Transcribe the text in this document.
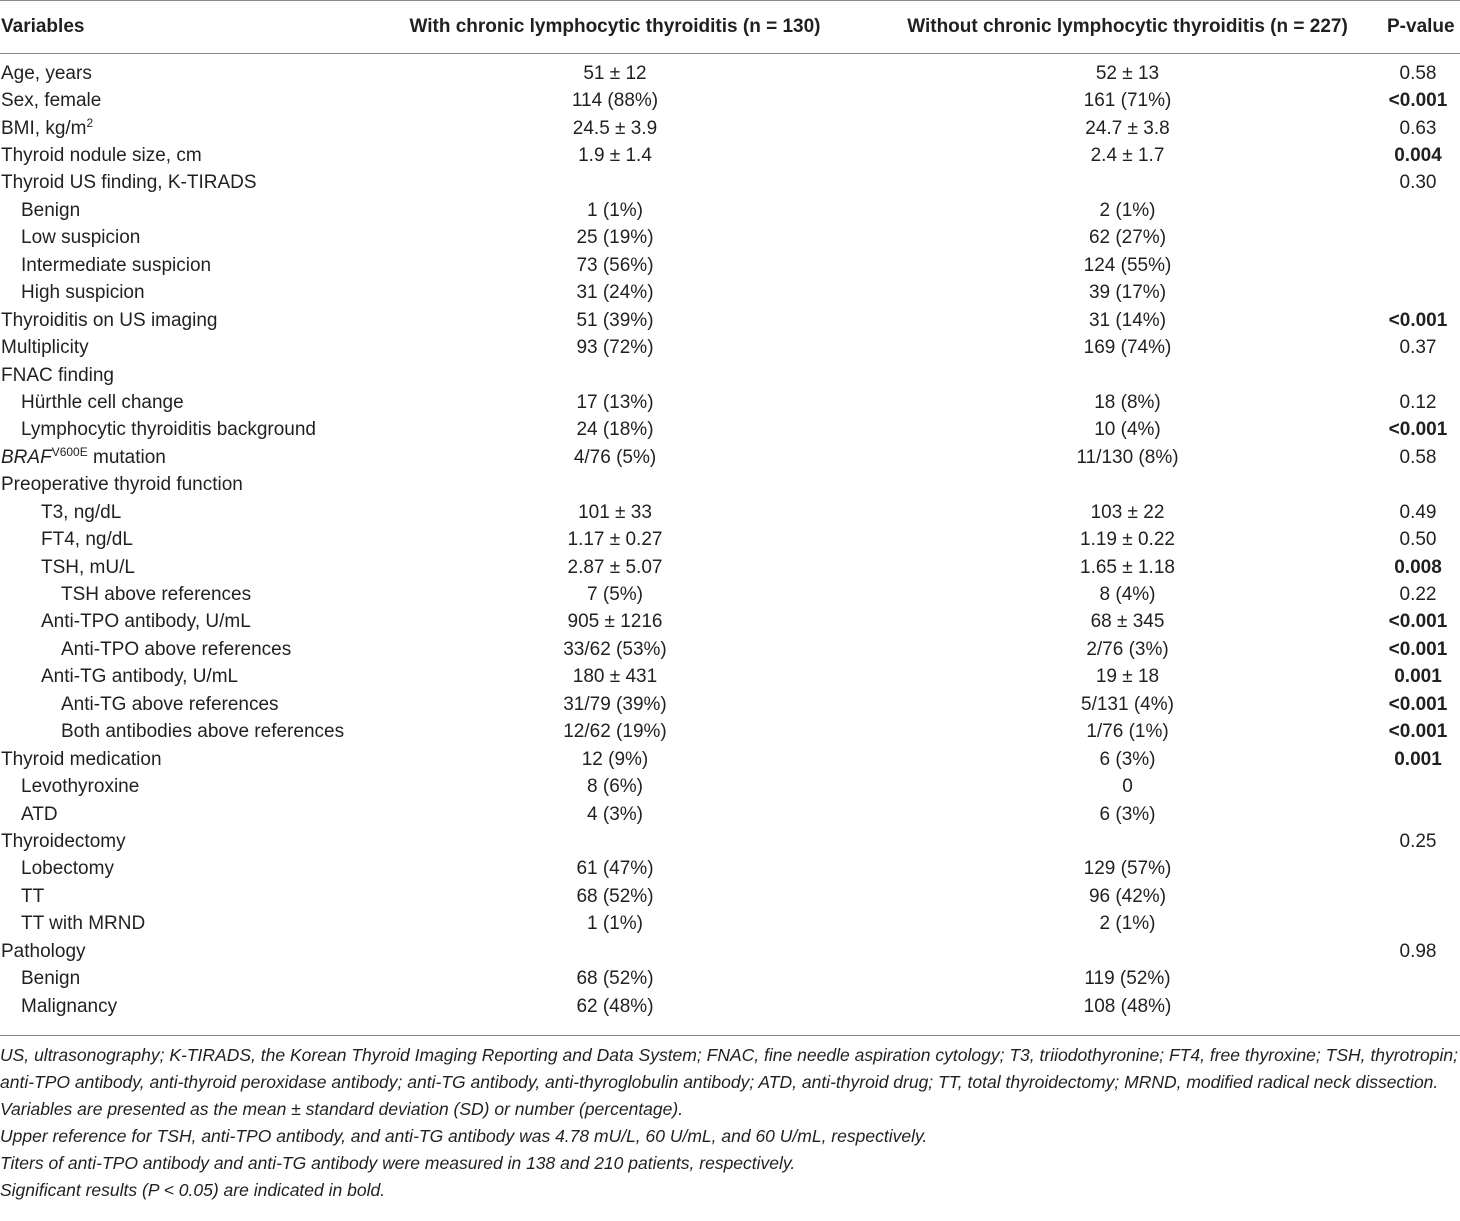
Variables	With chronic lymphocytic thyroiditis (n = 130)	Without chronic lymphocytic thyroiditis (n = 227)	P-value
Age, years	51 ± 12	52 ± 13	0.58
Sex, female	114 (88%)	161 (71%)	<0.001
BMI, $kg/m^2$	24.5 ± 3.9	24.7 ± 3.8	0.63
Thyroid nodule size, cm	1.9 ± 1.4	2.4 ± 1.7	0.004
Thyroid US finding, K-TIRADS			0.30
Benign	1 (1%)	2 (1%)	
Low suspicion	25 (19%)	62 (27%)	
Intermediate suspicion	73 (56%)	124 (55%)	
High suspicion	31 (24%)	39 (17%)	
Thyroiditis on US imaging	51 (39%)	31 (14%)	<0.001
Multiplicity	93 (72%)	169 (74%)	0.37
FNAC finding			
Hürthle cell change	17 (13%)	18 (8%)	0.12
Lymphocytic thyroiditis background	24 (18%)	10 (4%)	<0.001
$BRAF^{V600E}$ mutation	4/76 (5%)	11/130 (8%)	0.58
Preoperative thyroid function			
T3, ng/dL	101 ± 33	103 ± 22	0.49
FT4, ng/dL	1.17 ± 0.27	1.19 ± 0.22	0.50
TSH, mU/L	2.87 ± 5.07	1.65 ± 1.18	0.008
TSH above references	7 (5%)	8 (4%)	0.22
Anti-TPO antibody, U/mL	905 ± 1216	68 ± 345	<0.001
Anti-TPO above references	33/62 (53%)	2/76 (3%)	<0.001
Anti-TG antibody, U/mL	180 ± 431	19 ± 18	0.001
Anti-TG above references	31/79 (39%)	5/131 (4%)	<0.001
Both antibodies above references	12/62 (19%)	1/76 (1%)	<0.001
Thyroid medication	12 (9%)	6 (3%)	0.001
Levothyroxine	8 (6%)	0	
ATD	4 (3%)	6 (3%)	
Thyroidectomy			0.25
Lobectomy	61 (47%)	129 (57%)	
TT	68 (52%)	96 (42%)	
TT with MRND	1 (1%)	2 (1%)	
Pathology			0.98
Benign	68 (52%)	119 (52%)	
Malignancy	62 (48%)	108 (48%)	

US, ultrasonography; K-TIRADS, the Korean Thyroid Imaging Reporting and Data System; FNAC, fine needle aspiration cytology; T3, triiodothyronine; FT4, free thyroxine; TSH, thyrotropin; anti-TPO antibody, anti-thyroid peroxidase antibody; anti-TG antibody, anti-thyroglobulin antibody; ATD, anti-thyroid drug; TT, total thyroidectomy; MRND, modified radical neck dissection.

Variables are presented as the mean ± standard deviation (SD) or number (percentage).

Upper reference for TSH, anti-TPO antibody, and anti-TG antibody was 4.78 mU/L, 60 U/mL, and 60 U/mL, respectively.

Titers of anti-TPO antibody and anti-TG antibody were measured in 138 and 210 patients, respectively.

Significant results (P < 0.05) are indicated in bold.
